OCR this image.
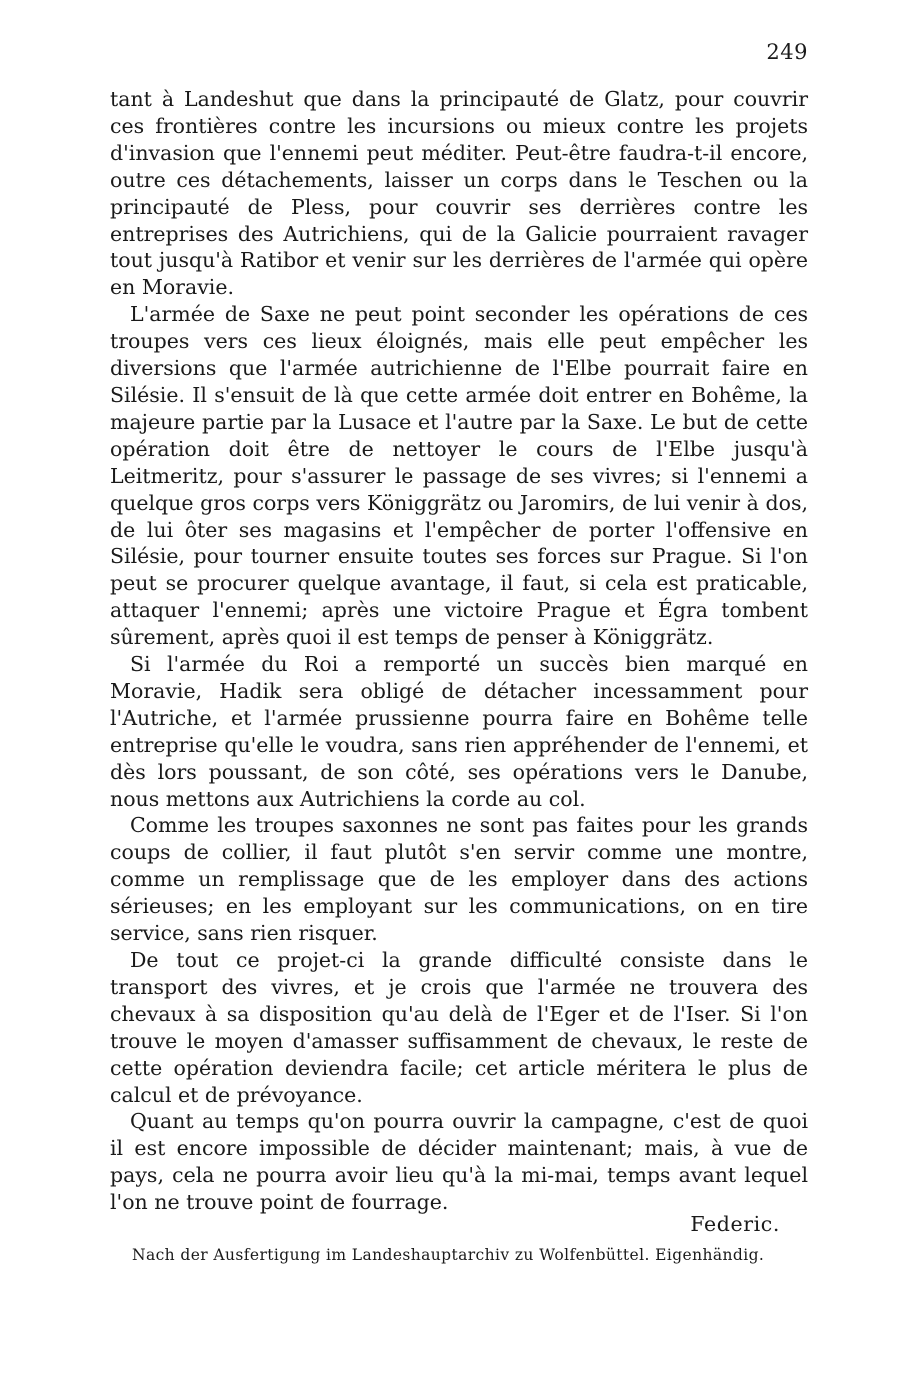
249

tant à Landeshut que dans la principauté de Glatz, pour couvrir ces frontières contre les incursions ou mieux contre les projets d'invasion que l'ennemi peut méditer. Peut-être faudra-t-il encore, outre ces détachements, laisser un corps dans le Teschen ou la principauté de Pless, pour couvrir ses derrières contre les entreprises des Autrichiens, qui de la Galicie pourraient ravager tout jusqu'à Ratibor et venir sur les derrières de l'armée qui opère en Moravie.

L'armée de Saxe ne peut point seconder les opérations de ces troupes vers ces lieux éloignés, mais elle peut empêcher les diversions que l'armée autrichienne de l'Elbe pourrait faire en Silésie. Il s'ensuit de là que cette armée doit entrer en Bohême, la majeure partie par la Lusace et l'autre par la Saxe. Le but de cette opération doit être de nettoyer le cours de l'Elbe jusqu'à Leitmeritz, pour s'assurer le passage de ses vivres; si l'ennemi a quelque gros corps vers Königgrätz ou Jaromirs, de lui venir à dos, de lui ôter ses magasins et l'empêcher de porter l'offensive en Silésie, pour tourner ensuite toutes ses forces sur Prague. Si l'on peut se procurer quelque avantage, il faut, si cela est praticable, attaquer l'ennemi; après une victoire Prague et Égra tombent sûrement, après quoi il est temps de penser à Königgrätz.

Si l'armée du Roi a remporté un succès bien marqué en Moravie, Hadik sera obligé de détacher incessamment pour l'Autriche, et l'armée prussienne pourra faire en Bohême telle entreprise qu'elle le voudra, sans rien appréhender de l'ennemi, et dès lors poussant, de son côté, ses opérations vers le Danube, nous mettons aux Autrichiens la corde au col.

Comme les troupes saxonnes ne sont pas faites pour les grands coups de collier, il faut plutôt s'en servir comme une montre, comme un remplissage que de les employer dans des actions sérieuses; en les employant sur les communications, on en tire service, sans rien risquer.

De tout ce projet-ci la grande difficulté consiste dans le transport des vivres, et je crois que l'armée ne trouvera des chevaux à sa disposition qu'au delà de l'Eger et de l'Iser. Si l'on trouve le moyen d'amasser suffisamment de chevaux, le reste de cette opération deviendra facile; cet article méritera le plus de calcul et de prévoyance.

Quant au temps qu'on pourra ouvrir la campagne, c'est de quoi il est encore impossible de décider maintenant; mais, à vue de pays, cela ne pourra avoir lieu qu'à la mi-mai, temps avant lequel l'on ne trouve point de fourrage.

Federic.
Nach der Ausfertigung im Landeshauptarchiv zu Wolfenbüttel. Eigenhändig.
